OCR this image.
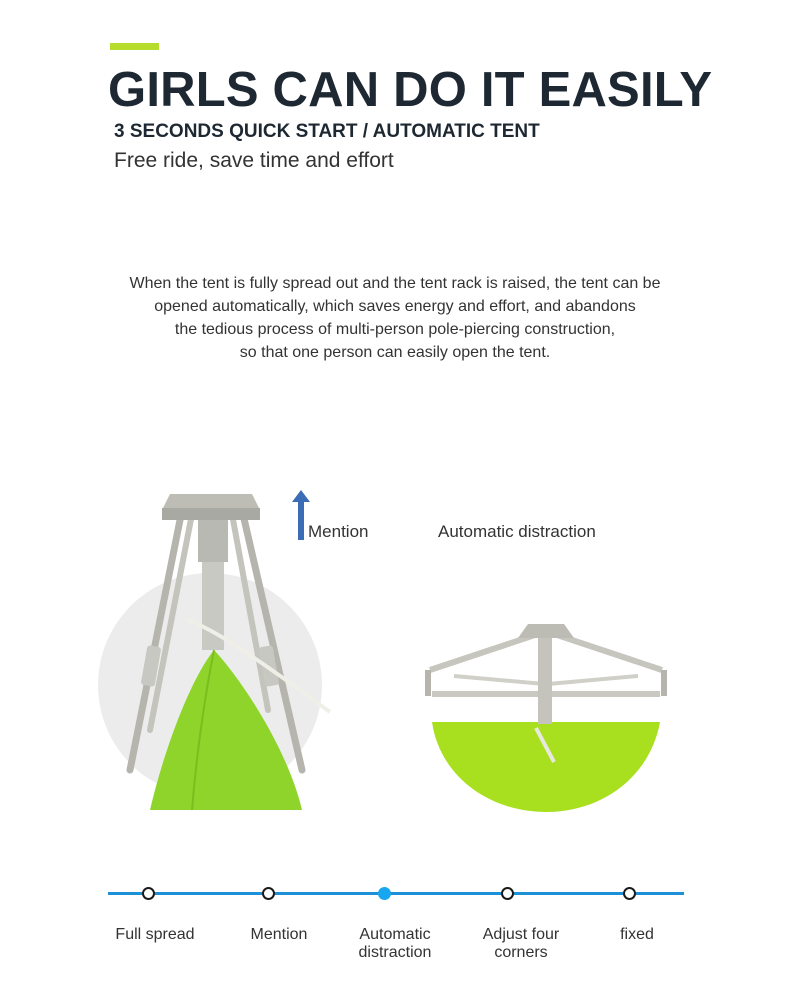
GIRLS CAN DO IT EASILY
3 SECONDS QUICK START / AUTOMATIC TENT

Free ride, save time and effort

When the tent is fully spread out and the tent rack is raised, the tent can be

opened automatically, which saves energy and effort, and abandons

the tedious process of multi-person pole-piercing construction,

so that one person can easily open the tent.

Mention	Automatic distraction
Full spread	Mention	Automatic
distraction
Adjust four
corners
fixed
